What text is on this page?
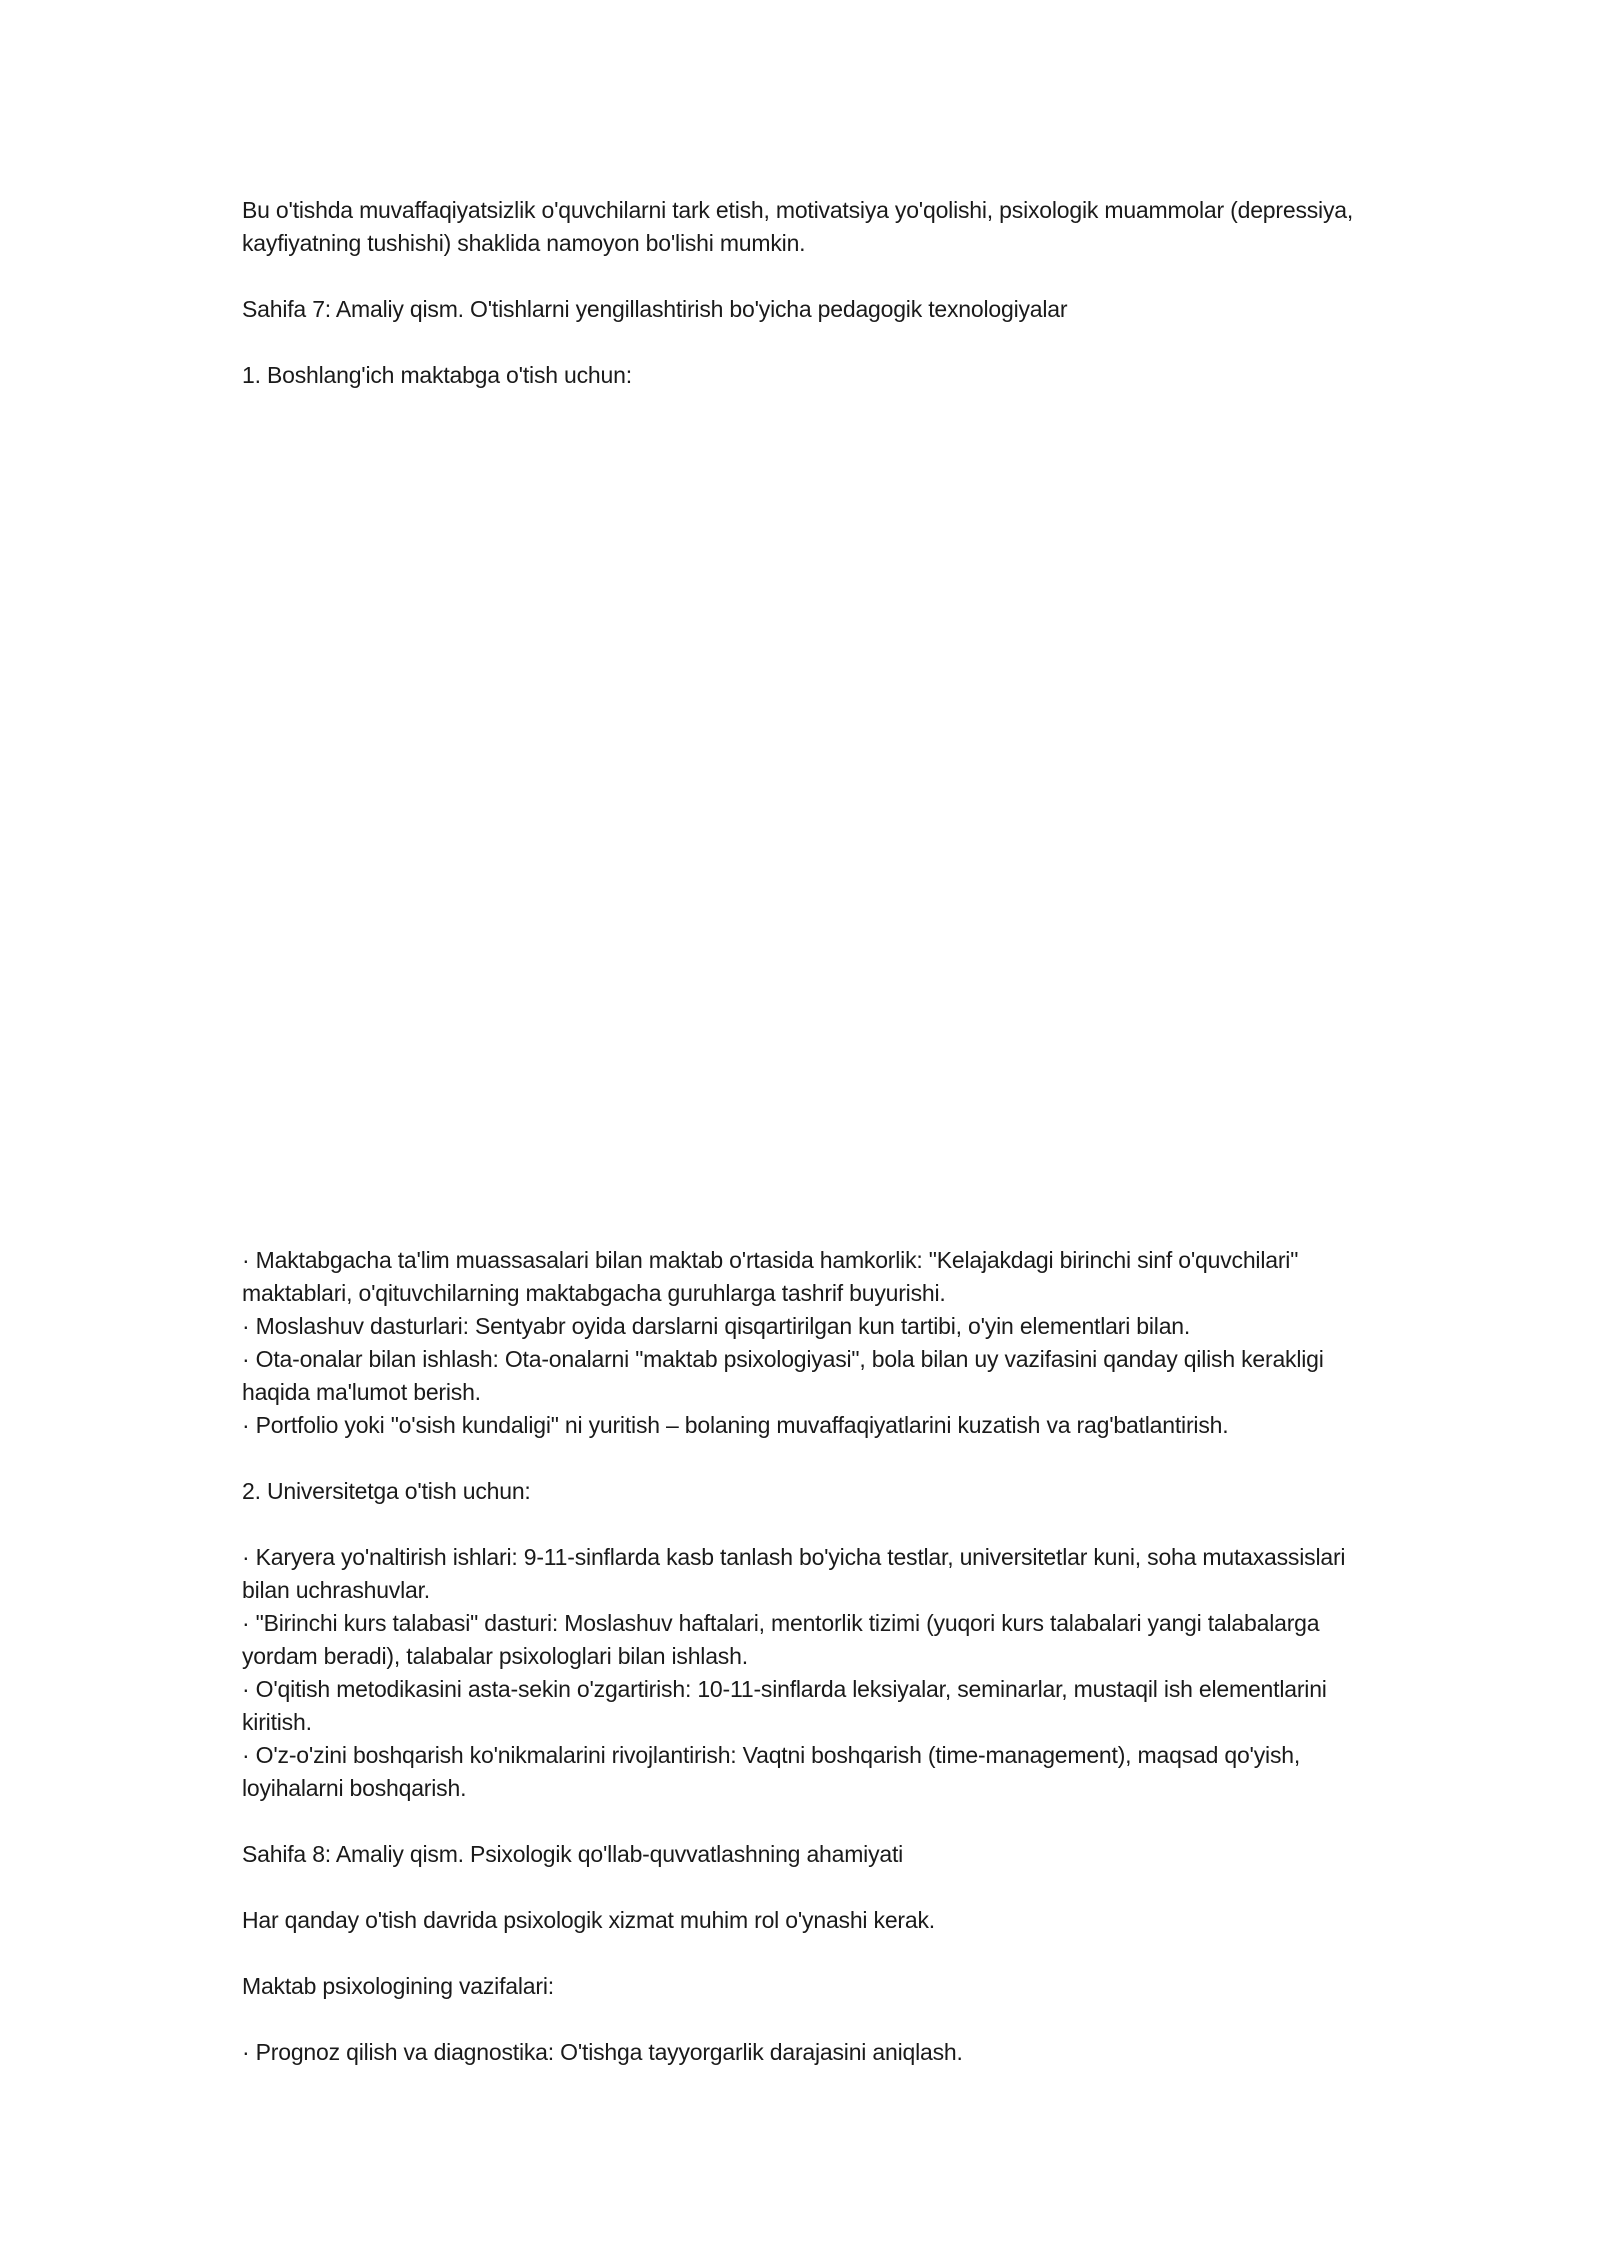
Bu o'tishda muvaffaqiyatsizlik o'quvchilarni tark etish, motivatsiya yo'qolishi, psixologik muammolar (depressiya, kayfiyatning tushishi) shaklida namoyon bo'lishi mumkin.

Sahifa 7: Amaliy qism. O'tishlarni yengillashtirish bo'yicha pedagogik texnologiyalar

1. Boshlang'ich maktabga o'tish uchun:

· Maktabgacha ta'lim muassasalari bilan maktab o'rtasida hamkorlik: "Kelajakdagi birinchi sinf o'quvchilari" maktablari, o'qituvchilarning maktabgacha guruhlarga tashrif buyurishi.

· Moslashuv dasturlari: Sentyabr oyida darslarni qisqartirilgan kun tartibi, o'yin elementlari bilan.

· Ota-onalar bilan ishlash: Ota-onalarni "maktab psixologiyasi", bola bilan uy vazifasini qanday qilish kerakligi haqida ma'lumot berish.

· Portfolio yoki "o'sish kundaligi" ni yuritish – bolaning muvaffaqiyatlarini kuzatish va rag'batlantirish.

2. Universitetga o'tish uchun:

· Karyera yo'naltirish ishlari: 9-11-sinflarda kasb tanlash bo'yicha testlar, universitetlar kuni, soha mutaxassislari bilan uchrashuvlar.

· "Birinchi kurs talabasi" dasturi: Moslashuv haftalari, mentorlik tizimi (yuqori kurs talabalari yangi talabalarga yordam beradi), talabalar psixologlari bilan ishlash.

· O'qitish metodikasini asta-sekin o'zgartirish: 10-11-sinflarda leksiyalar, seminarlar, mustaqil ish elementlarini kiritish.

· O'z-o'zini boshqarish ko'nikmalarini rivojlantirish: Vaqtni boshqarish (time-management), maqsad qo'yish, loyihalarni boshqarish.

Sahifa 8: Amaliy qism. Psixologik qo'llab-quvvatlashning ahamiyati

Har qanday o'tish davrida psixologik xizmat muhim rol o'ynashi kerak.

Maktab psixologining vazifalari:

· Prognoz qilish va diagnostika: O'tishga tayyorgarlik darajasini aniqlash.
